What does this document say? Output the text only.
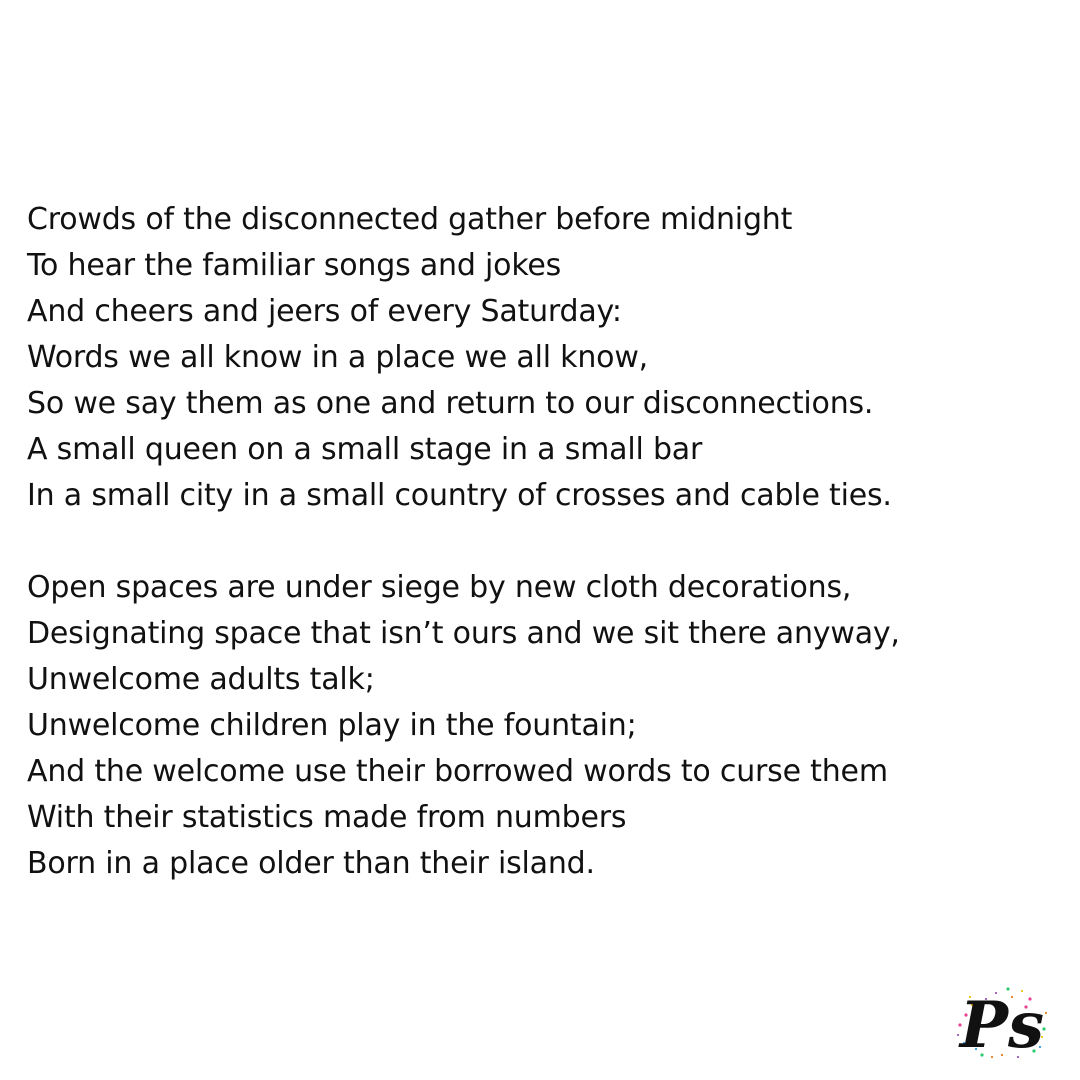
Crowds of the disconnected gather before midnight
To hear the familiar songs and jokes
And cheers and jeers of every Saturday:
Words we all know in a place we all know,
So we say them as one and return to our disconnections.
A small queen on a small stage in a small bar
In a small city in a small country of crosses and cable ties.
Open spaces are under siege by new cloth decorations,
Designating space that isn’t ours and we sit there anyway,
Unwelcome adults talk;
Unwelcome children play in the fountain;
And the welcome use their borrowed words to curse them
With their statistics made from numbers
Born in a place older than their island.
Ps
